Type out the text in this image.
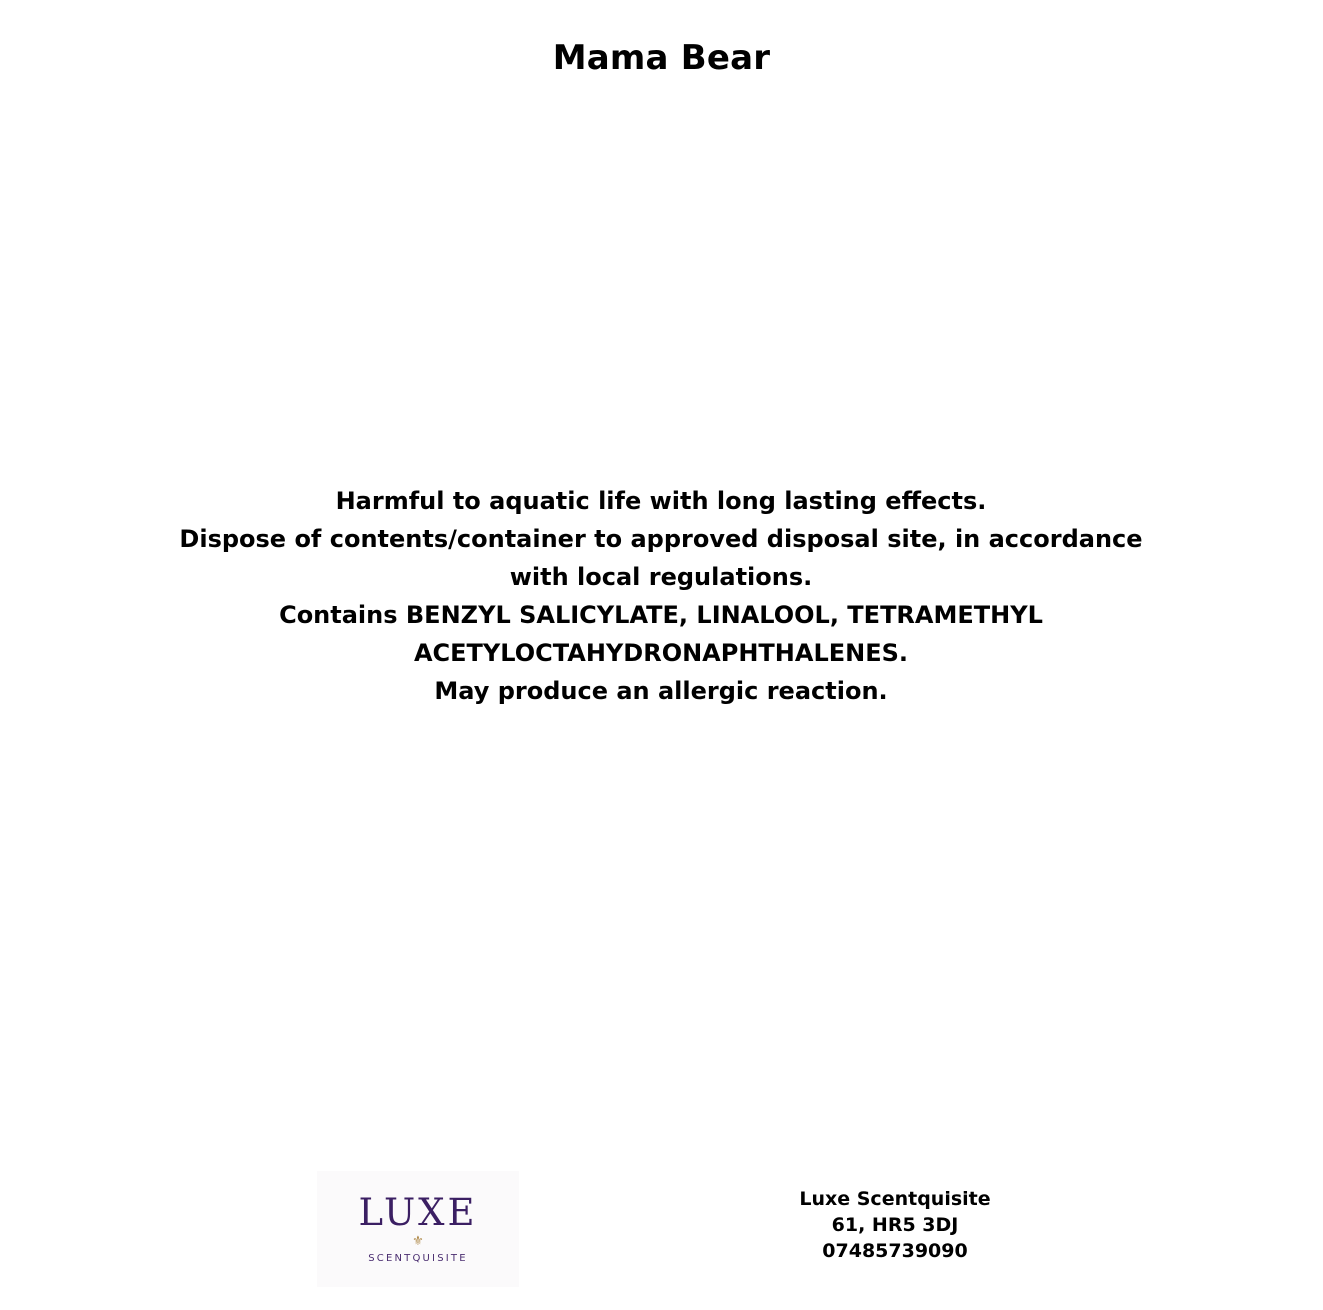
Mama Bear
Harmful to aquatic life with long lasting effects.
Dispose of contents/container to approved disposal site, in accordance with local regulations.
Contains BENZYL SALICYLATE, LINALOOL, TETRAMETHYL ACETYLOCTAHYDRONAPHTHALENES.
May produce an allergic reaction.
LUXE
⚜
SCENTQUISITE
Luxe Scentquisite
61, HR5 3DJ
07485739090
